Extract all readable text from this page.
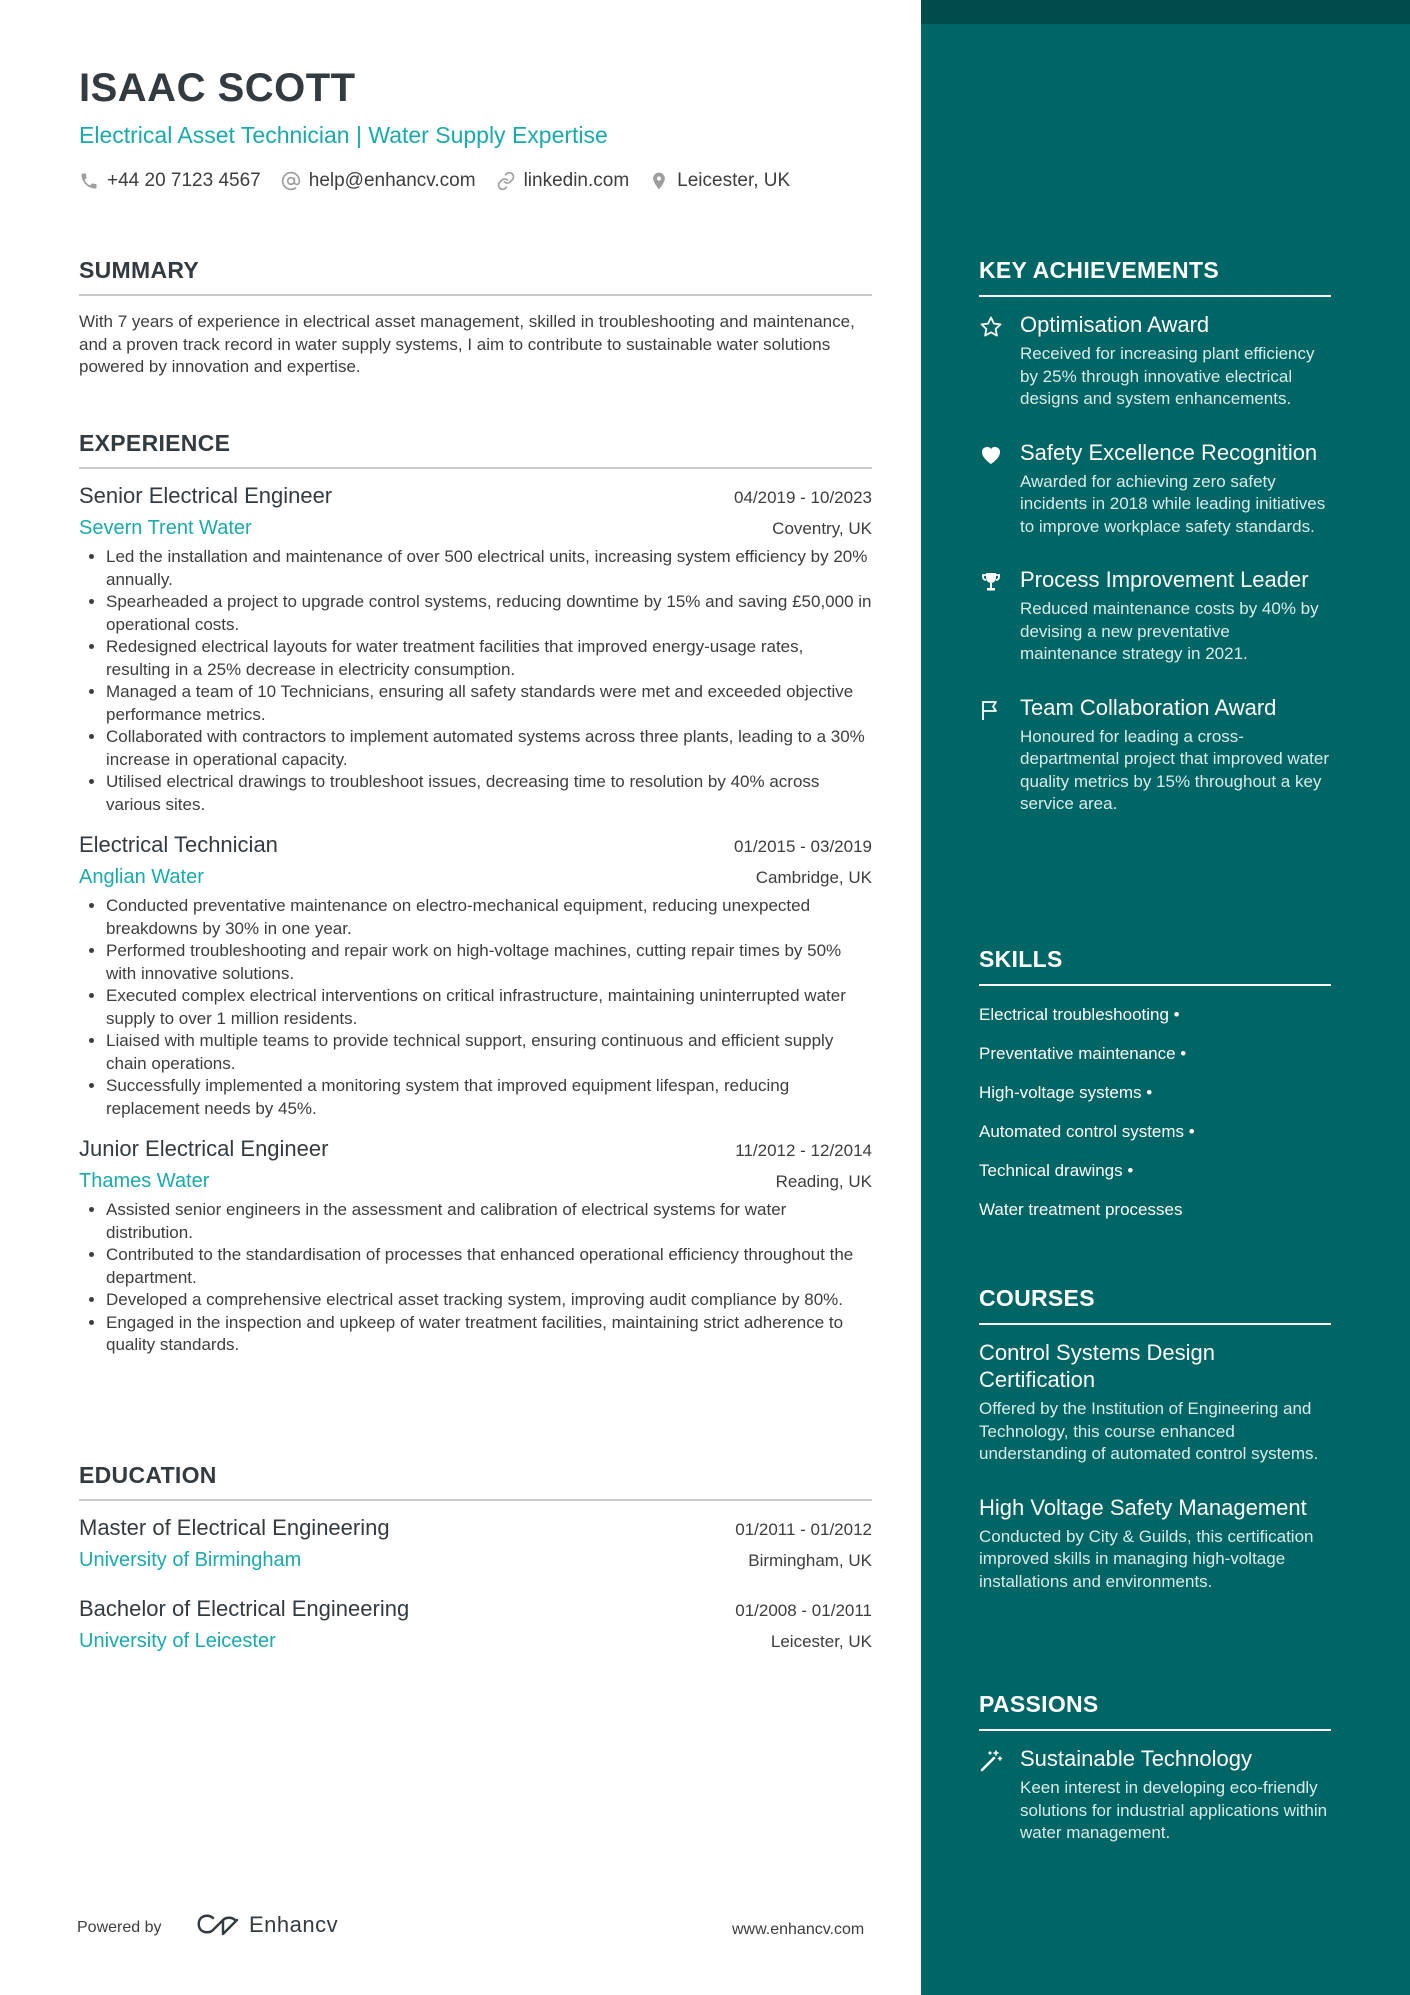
ISAAC SCOTT
Electrical Asset Technician | Water Supply Expertise
+44 20 7123 4567	help@enhancv.com	linkedin.com	Leicester, UK
SUMMARY

With 7 years of experience in electrical asset management, skilled in troubleshooting and maintenance, and a proven track record in water supply systems, I aim to contribute to sustainable water solutions powered by innovation and expertise.

EXPERIENCE
Senior Electrical Engineer	04/2019 - 10/2023
Severn Trent Water	Coventry, UK
• Led the installation and maintenance of over 500 electrical units, increasing system efficiency by 20% annually.
• Spearheaded a project to upgrade control systems, reducing downtime by 15% and saving £50,000 in operational costs.
• Redesigned electrical layouts for water treatment facilities that improved energy-usage rates, resulting in a 25% decrease in electricity consumption.
• Managed a team of 10 Technicians, ensuring all safety standards were met and exceeded objective performance metrics.
• Collaborated with contractors to implement automated systems across three plants, leading to a 30% increase in operational capacity.
• Utilised electrical drawings to troubleshoot issues, decreasing time to resolution by 40% across various sites.
Electrical Technician	01/2015 - 03/2019
Anglian Water	Cambridge, UK
• Conducted preventative maintenance on electro-mechanical equipment, reducing unexpected breakdowns by 30% in one year.
• Performed troubleshooting and repair work on high-voltage machines, cutting repair times by 50% with innovative solutions.
• Executed complex electrical interventions on critical infrastructure, maintaining uninterrupted water supply to over 1 million residents.
• Liaised with multiple teams to provide technical support, ensuring continuous and efficient supply chain operations.
• Successfully implemented a monitoring system that improved equipment lifespan, reducing replacement needs by 45%.
Junior Electrical Engineer	11/2012 - 12/2014
Thames Water	Reading, UK
• Assisted senior engineers in the assessment and calibration of electrical systems for water distribution.
• Contributed to the standardisation of processes that enhanced operational efficiency throughout the department.
• Developed a comprehensive electrical asset tracking system, improving audit compliance by 80%.
• Engaged in the inspection and upkeep of water treatment facilities, maintaining strict adherence to quality standards.
EDUCATION
Master of Electrical Engineering	01/2011 - 01/2012
University of Birmingham	Birmingham, UK
Bachelor of Electrical Engineering	01/2008 - 01/2011
University of Leicester	Leicester, UK
Powered by	Enhancv	www.enhancv.com
KEY ACHIEVEMENTS
Optimisation Award
Received for increasing plant efficiency by 25% through innovative electrical designs and system enhancements.
Safety Excellence Recognition
Awarded for achieving zero safety incidents in 2018 while leading initiatives to improve workplace safety standards.
Process Improvement Leader
Reduced maintenance costs by 40% by devising a new preventative maintenance strategy in 2021.
Team Collaboration Award
Honoured for leading a cross-departmental project that improved water quality metrics by 15% throughout a key service area.
SKILLS
Electrical troubleshooting •
Preventative maintenance •
High-voltage systems •
Automated control systems •
Technical drawings •
Water treatment processes
COURSES
Control Systems Design Certification
Offered by the Institution of Engineering and Technology, this course enhanced understanding of automated control systems.
High Voltage Safety Management
Conducted by City & Guilds, this certification improved skills in managing high-voltage installations and environments.
PASSIONS
Sustainable Technology
Keen interest in developing eco-friendly solutions for industrial applications within water management.
